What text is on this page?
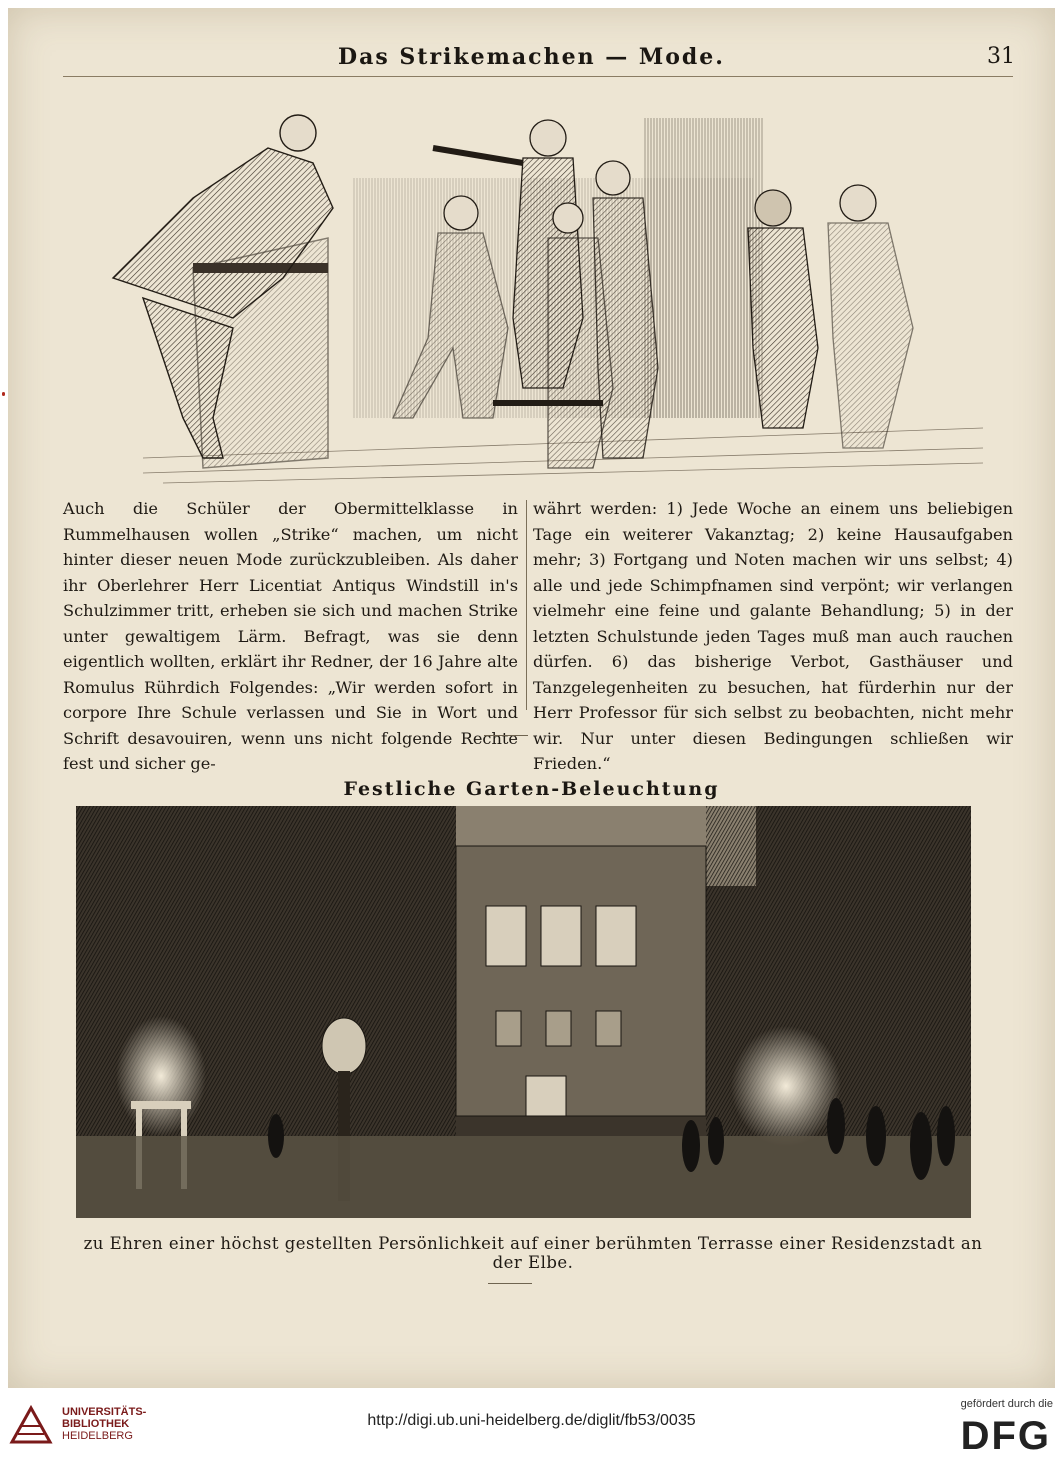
Das Strikemachen — Mode.	31
Auch die Schüler der Obermittelklasse in Rummelhausen wollen „Strike“ machen, um nicht hinter dieser neuen Mode zurückzubleiben. Als daher ihr Oberlehrer Herr Licentiat Antiqus Windstill in's Schulzimmer tritt, erheben sie sich und machen Strike unter gewaltigem Lärm. Befragt, was sie denn eigentlich wollten, erklärt ihr Redner, der 16 Jahre alte Romulus Rührdich Folgendes: „Wir werden sofort in corpore Ihre Schule verlassen und Sie in Wort und Schrift desavouiren, wenn uns nicht folgende Rechte fest und sicher ge-
währt werden: 1) Jede Woche an einem uns beliebigen Tage ein weiterer Vakanztag; 2) keine Hausaufgaben mehr; 3) Fortgang und Noten machen wir uns selbst; 4) alle und jede Schimpfnamen sind verpönt; wir verlangen vielmehr eine feine und galante Behandlung; 5) in der letzten Schulstunde jeden Tages muß man auch rauchen dürfen. 6) das bisherige Verbot, Gasthäuser und Tanzgelegenheiten zu besuchen, hat fürderhin nur der Herr Professor für sich selbst zu beobachten, nicht mehr wir. Nur unter diesen Bedingungen schließen wir Frieden.“
Festliche Garten-Beleuchtung
zu Ehren einer höchst gestellten Persönlichkeit auf einer berühmten Terrasse einer Residenzstadt an der Elbe.
UNIVERSITÄTS-
BIBLIOTHEK
HEIDELBERG
http://digi.ub.uni-heidelberg.de/diglit/fb53/0035
gefördert durch die
DFG
